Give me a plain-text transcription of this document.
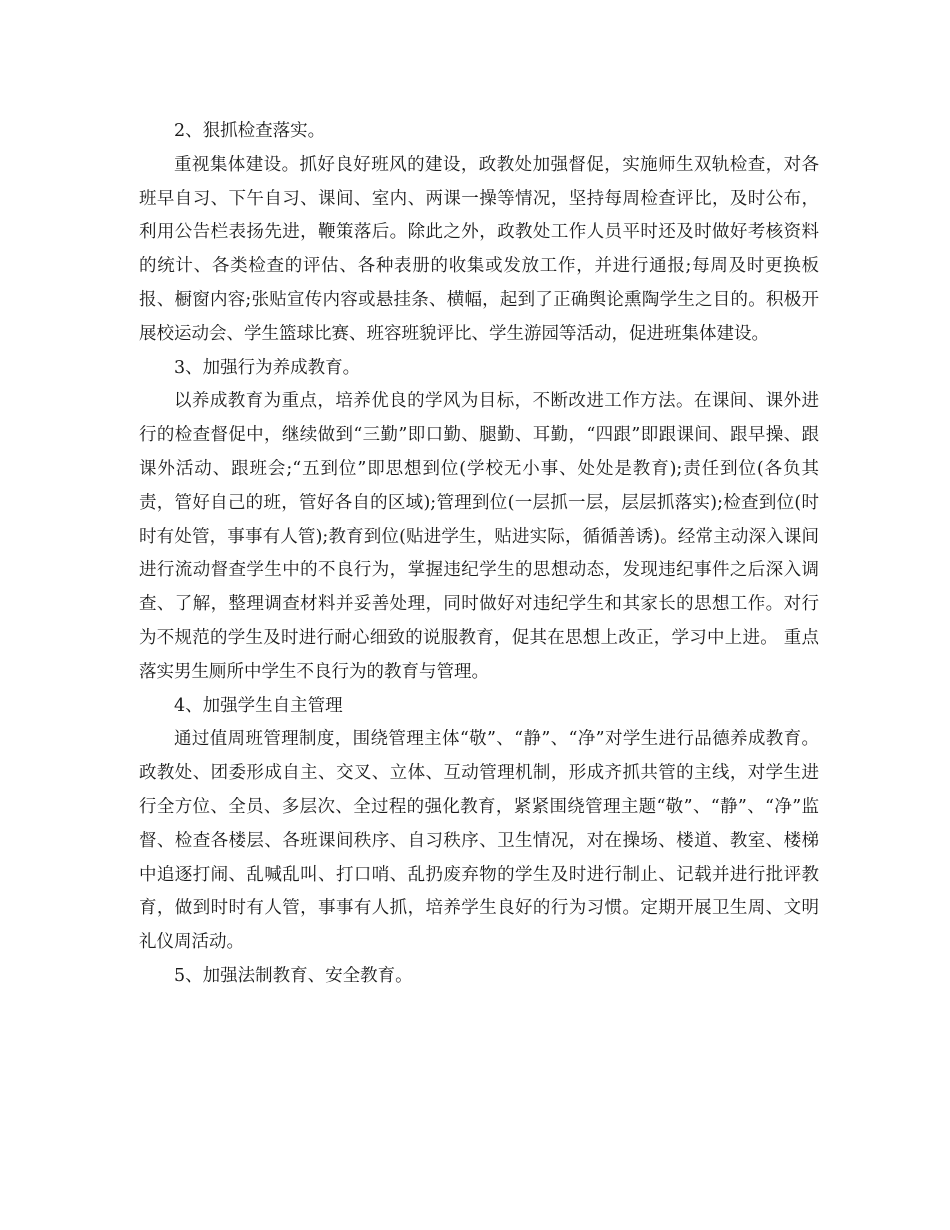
2、狠抓检查落实。

重视集体建设。抓好良好班风的建设，政教处加强督促，实施师生双轨检查，对各班早自习、下午自习、课间、室内、两课一操等情况，坚持每周检查评比，及时公布，利用公告栏表扬先进，鞭策落后。除此之外，政教处工作人员平时还及时做好考核资料的统计、各类检查的评估、各种表册的收集或发放工作，并进行通报;每周及时更换板报、橱窗内容;张贴宣传内容或悬挂条、横幅，起到了正确舆论熏陶学生之目的。积极开展校运动会、学生篮球比赛、班容班貌评比、学生游园等活动，促进班集体建设。

3、加强行为养成教育。

以养成教育为重点，培养优良的学风为目标，不断改进工作方法。在课间、课外进行的检查督促中，继续做到“三勤”即口勤、腿勤、耳勤，“四跟”即跟课间、跟早操、跟课外活动、跟班会;“五到位”即思想到位(学校无小事、处处是教育);责任到位(各负其责，管好自己的班，管好各自的区域);管理到位(一层抓一层，层层抓落实);检查到位(时时有处管，事事有人管);教育到位(贴进学生，贴进实际，循循善诱)。经常主动深入课间进行流动督查学生中的不良行为，掌握违纪学生的思想动态，发现违纪事件之后深入调查、了解，整理调查材料并妥善处理，同时做好对违纪学生和其家长的思想工作。对行为不规范的学生及时进行耐心细致的说服教育，促其在思想上改正，学习中上进。 重点落实男生厕所中学生不良行为的教育与管理。

4、加强学生自主管理

通过值周班管理制度，围绕管理主体“敬”、“静”、“净”对学生进行品德养成教育。政教处、团委形成自主、交叉、立体、互动管理机制，形成齐抓共管的主线，对学生进行全方位、全员、多层次、全过程的强化教育，紧紧围绕管理主题“敬”、“静”、“净”监督、检查各楼层、各班课间秩序、自习秩序、卫生情况，对在操场、楼道、教室、楼梯中追逐打闹、乱喊乱叫、打口哨、乱扔废弃物的学生及时进行制止、记载并进行批评教育，做到时时有人管，事事有人抓，培养学生良好的行为习惯。定期开展卫生周、文明礼仪周活动。

5、加强法制教育、安全教育。
